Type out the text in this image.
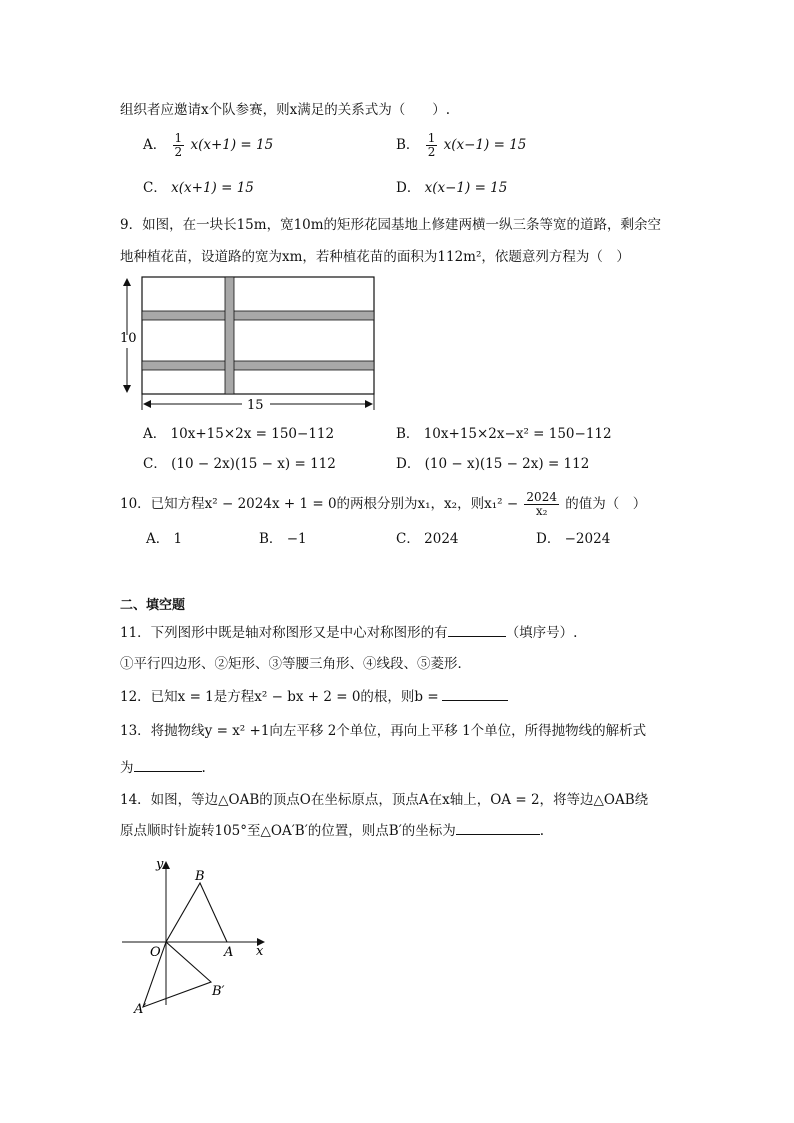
组织者应邀请x个队参赛，则x满足的关系式为（　　）.
A． $\frac{1}{2} x(x+1) = 15$	B． $\frac{1}{2} x(x-1) = 15$
C． x(x+1) = 15	D． x(x−1) = 15
9．如图，在一块长15m，宽10m的矩形花园基地上修建两横一纵三条等宽的道路，剩余空
地种植花苗，设道路的宽为xm，若种植花苗的面积为112m²，依题意列方程为（　）
10
15
A． 10x+15×2x = 150−112	B． 10x+15×2x−x² = 150−112
C． (10 − 2x)(15 − x) = 112	D． (10 − x)(15 − 2x) = 112
10．已知方程x² − 2024x + 1 = 0的两根分别为x₁，x₂，则$x_1^2 - \frac{2024}{\text{x₂}}$ 的值为（　）
A． 1	B． −1	C． 2024	D． −2024
二、填空题
11．下列图形中既是轴对称图形又是中心对称图形的有	（填序号）.
①平行四边形、②矩形、③等腰三角形、④线段、⑤菱形．
12．已知x = 1是方程x² − bx + 2 = 0的根，则b =
13．将抛物线y = x² +1向左平移 2个单位，再向上平移 1个单位，所得抛物线的解析式
为	.
14．如图，等边△OAB的顶点O在坐标原点，顶点A在x轴上，OA = 2，将等边△OAB绕
原点顺时针旋转105°至△OA′B′的位置，则点B′的坐标为	.
y
x
O	A
B
A′
B′
